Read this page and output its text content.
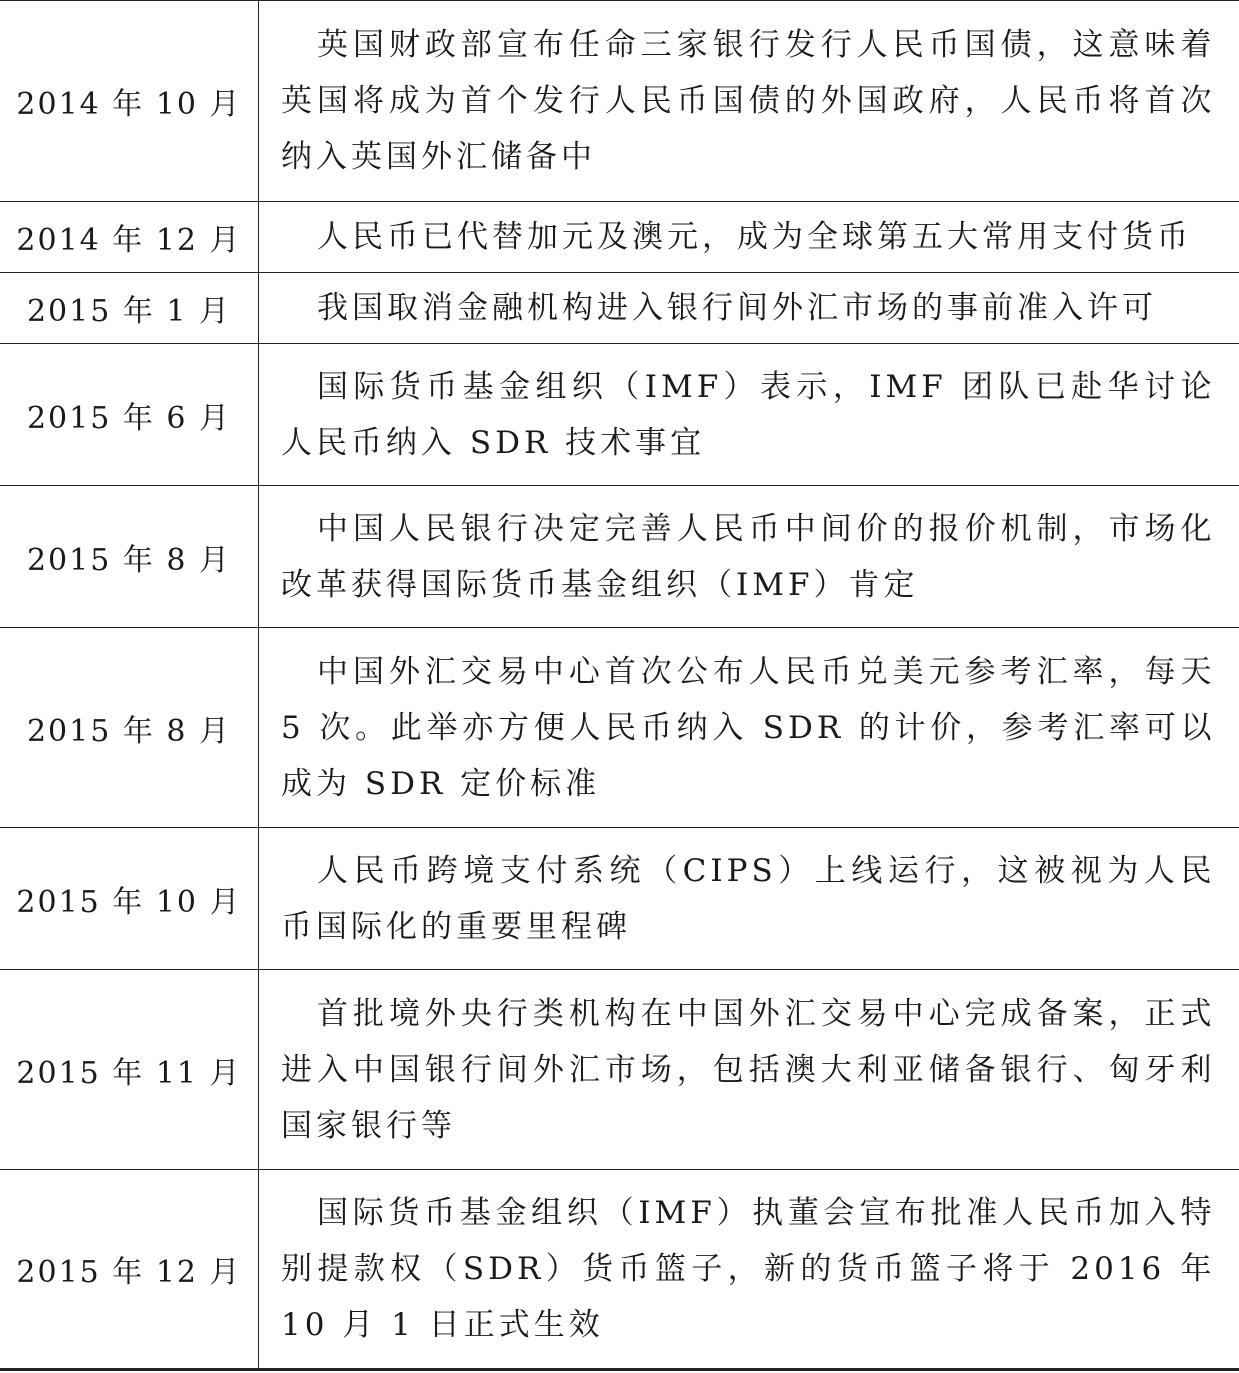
2014 年 10 月	英国财政部宣布任命三家银行发行人民币国债，这意味着英国将成为首个发行人民币国债的外国政府，人民币将首次纳入英国外汇储备中
2014 年 12 月	人民币已代替加元及澳元，成为全球第五大常用支付货币
2015 年 1 月	我国取消金融机构进入银行间外汇市场的事前准入许可
2015 年 6 月	国际货币基金组织（IMF）表示，IMF 团队已赴华讨论人民币纳入 SDR 技术事宜
2015 年 8 月	中国人民银行决定完善人民币中间价的报价机制，市场化改革获得国际货币基金组织（IMF）肯定
2015 年 8 月	中国外汇交易中心首次公布人民币兑美元参考汇率，每天 5 次。此举亦方便人民币纳入 SDR 的计价，参考汇率可以成为 SDR 定价标准
2015 年 10 月	人民币跨境支付系统（CIPS）上线运行，这被视为人民币国际化的重要里程碑
2015 年 11 月	首批境外央行类机构在中国外汇交易中心完成备案，正式进入中国银行间外汇市场，包括澳大利亚储备银行、匈牙利国家银行等
2015 年 12 月	国际货币基金组织（IMF）执董会宣布批准人民币加入特别提款权（SDR）货币篮子，新的货币篮子将于 2016 年 10 月 1 日正式生效
